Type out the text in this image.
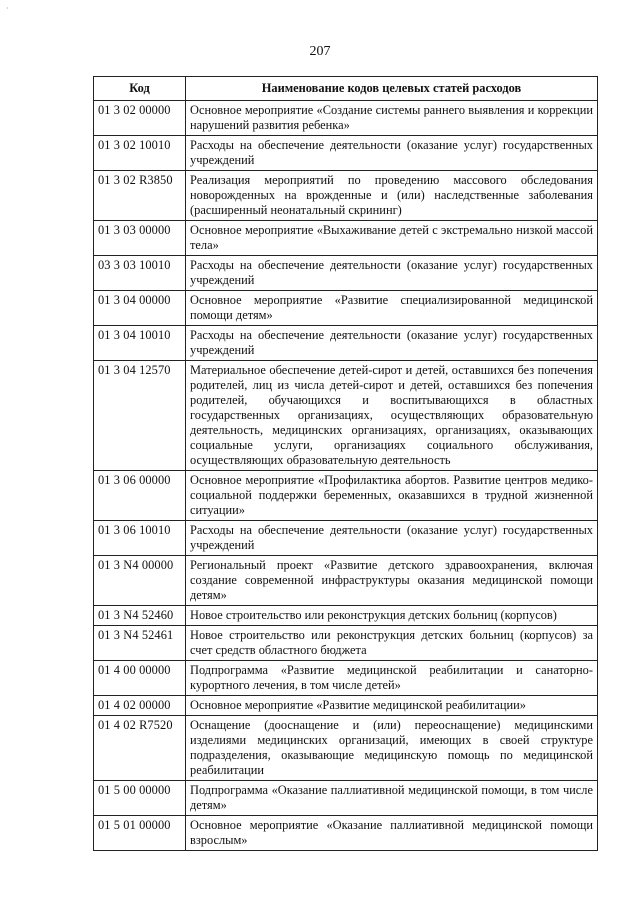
·
207
Код	Наименование кодов целевых статей расходов
01 3 02 00000	Основное мероприятие «Создание системы раннего выявления и коррекции нарушений развития ребенка»
01 3 02 10010	Расходы на обеспечение деятельности (оказание услуг) государственных учреждений
01 3 02 R3850	Реализация мероприятий по проведению массового обследования новорожденных на врожденные и (или) наследственные заболевания (расширенный неонатальный скрининг)
01 3 03 00000	Основное мероприятие «Выхаживание детей с экстремально низкой массой тела»
03 3 03 10010	Расходы на обеспечение деятельности (оказание услуг) государственных учреждений
01 3 04 00000	Основное мероприятие «Развитие специализированной медицинской помощи детям»
01 3 04 10010	Расходы на обеспечение деятельности (оказание услуг) государственных учреждений
01 3 04 12570	Материальное обеспечение детей-сирот и детей, оставшихся без попечения родителей, лиц из числа детей-сирот и детей, оставшихся без попечения родителей, обучающихся и воспитывающихся в областных государственных организациях, осуществляющих образовательную деятельность, медицинских организациях, организациях, оказывающих социальные услуги, организациях социального обслуживания, осуществляющих образовательную деятельность
01 3 06 00000	Основное мероприятие «Профилактика абортов. Развитие центров медико-социальной поддержки беременных, оказавшихся в трудной жизненной ситуации»
01 3 06 10010	Расходы на обеспечение деятельности (оказание услуг) государственных учреждений
01 3 N4 00000	Региональный проект «Развитие детского здравоохранения, включая создание современной инфраструктуры оказания медицинской помощи детям»
01 3 N4 52460	Новое строительство или реконструкция детских больниц (корпусов)
01 3 N4 52461	Новое строительство или реконструкция детских больниц (корпусов) за счет средств областного бюджета
01 4 00 00000	Подпрограмма «Развитие медицинской реабилитации и санаторно-курортного лечения, в том числе детей»
01 4 02 00000	Основное мероприятие «Развитие медицинской реабилитации»
01 4 02 R7520	Оснащение (дооснащение и (или) переоснащение) медицинскими изделиями медицинских организаций, имеющих в своей структуре подразделения, оказывающие медицинскую помощь по медицинской реабилитации
01 5 00 00000	Подпрограмма «Оказание паллиативной медицинской помощи, в том числе детям»
01 5 01 00000	Основное мероприятие «Оказание паллиативной медицинской помощи взрослым»
